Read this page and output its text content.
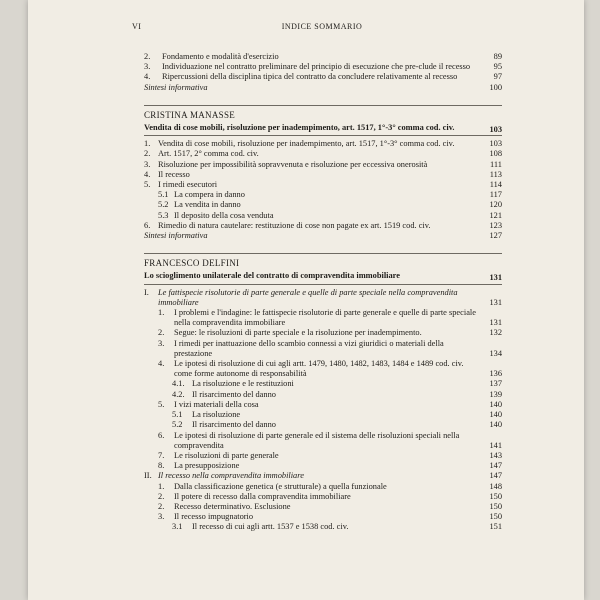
VI	INDICE SOMMARIO
2. Fondamento e modalità d'esercizio	89
3. Individuazione nel contratto preliminare del principio di esecuzione che pre-clude il recesso	95
4. Ripercussioni della disciplina tipica del contratto da concludere relativamente al recesso	97
Sintesi informativa	100
CRISTINA MANASSE
Vendita di cose mobili, risoluzione per inadempimento, art. 1517, 1°-3° comma cod. civ.	103
1. Vendita di cose mobili, risoluzione per inadempimento, art. 1517, 1°-3° comma cod. civ.	103
2. Art. 1517, 2° comma cod. civ.	108
3. Risoluzione per impossibilità sopravvenuta e risoluzione per eccessiva onerosità	111
4. Il recesso	113
5. I rimedi esecutori	114
5.1 La compera in danno	117
5.2 La vendita in danno	120
5.3 Il deposito della cosa venduta	121
6. Rimedio di natura cautelare: restituzione di cose non pagate ex art. 1519 cod. civ.	123
Sintesi informativa	127
FRANCESCO DELFINI
Lo scioglimento unilaterale del contratto di compravendita immobiliare	131
I. Le fattispecie risolutorie di parte generale e quelle di parte speciale nella compravendita immobiliare	131
1. I problemi e l'indagine: le fattispecie risolutorie di parte generale e quelle di parte speciale nella compravendita immobiliare	131
2. Segue: le risoluzioni di parte speciale e la risoluzione per inadempimento.	132
3. I rimedi per inattuazione dello scambio connessi a vizi giuridici o materiali della prestazione	134
4. Le ipotesi di risoluzione di cui agli artt. 1479, 1480, 1482, 1483, 1484 e 1489 cod. civ. come forme autonome di responsabilità	136
4.1. La risoluzione e le restituzioni	137
4.2. Il risarcimento del danno	139
5. I vizi materiali della cosa	140
5.1 La risoluzione	140
5.2 Il risarcimento del danno	140
6. Le ipotesi di risoluzione di parte generale ed il sistema delle risoluzioni speciali nella compravendita	141
7. Le risoluzioni di parte generale	143
8. La presupposizione	147
II. Il recesso nella compravendita immobiliare	147
1. Dalla classificazione genetica (e strutturale) a quella funzionale	148
2. Il potere di recesso dalla compravendita immobiliare	150
2. Recesso determinativo. Esclusione	150
3. Il recesso impugnatorio	150
3.1 Il recesso di cui agli artt. 1537 e 1538 cod. civ.	151
